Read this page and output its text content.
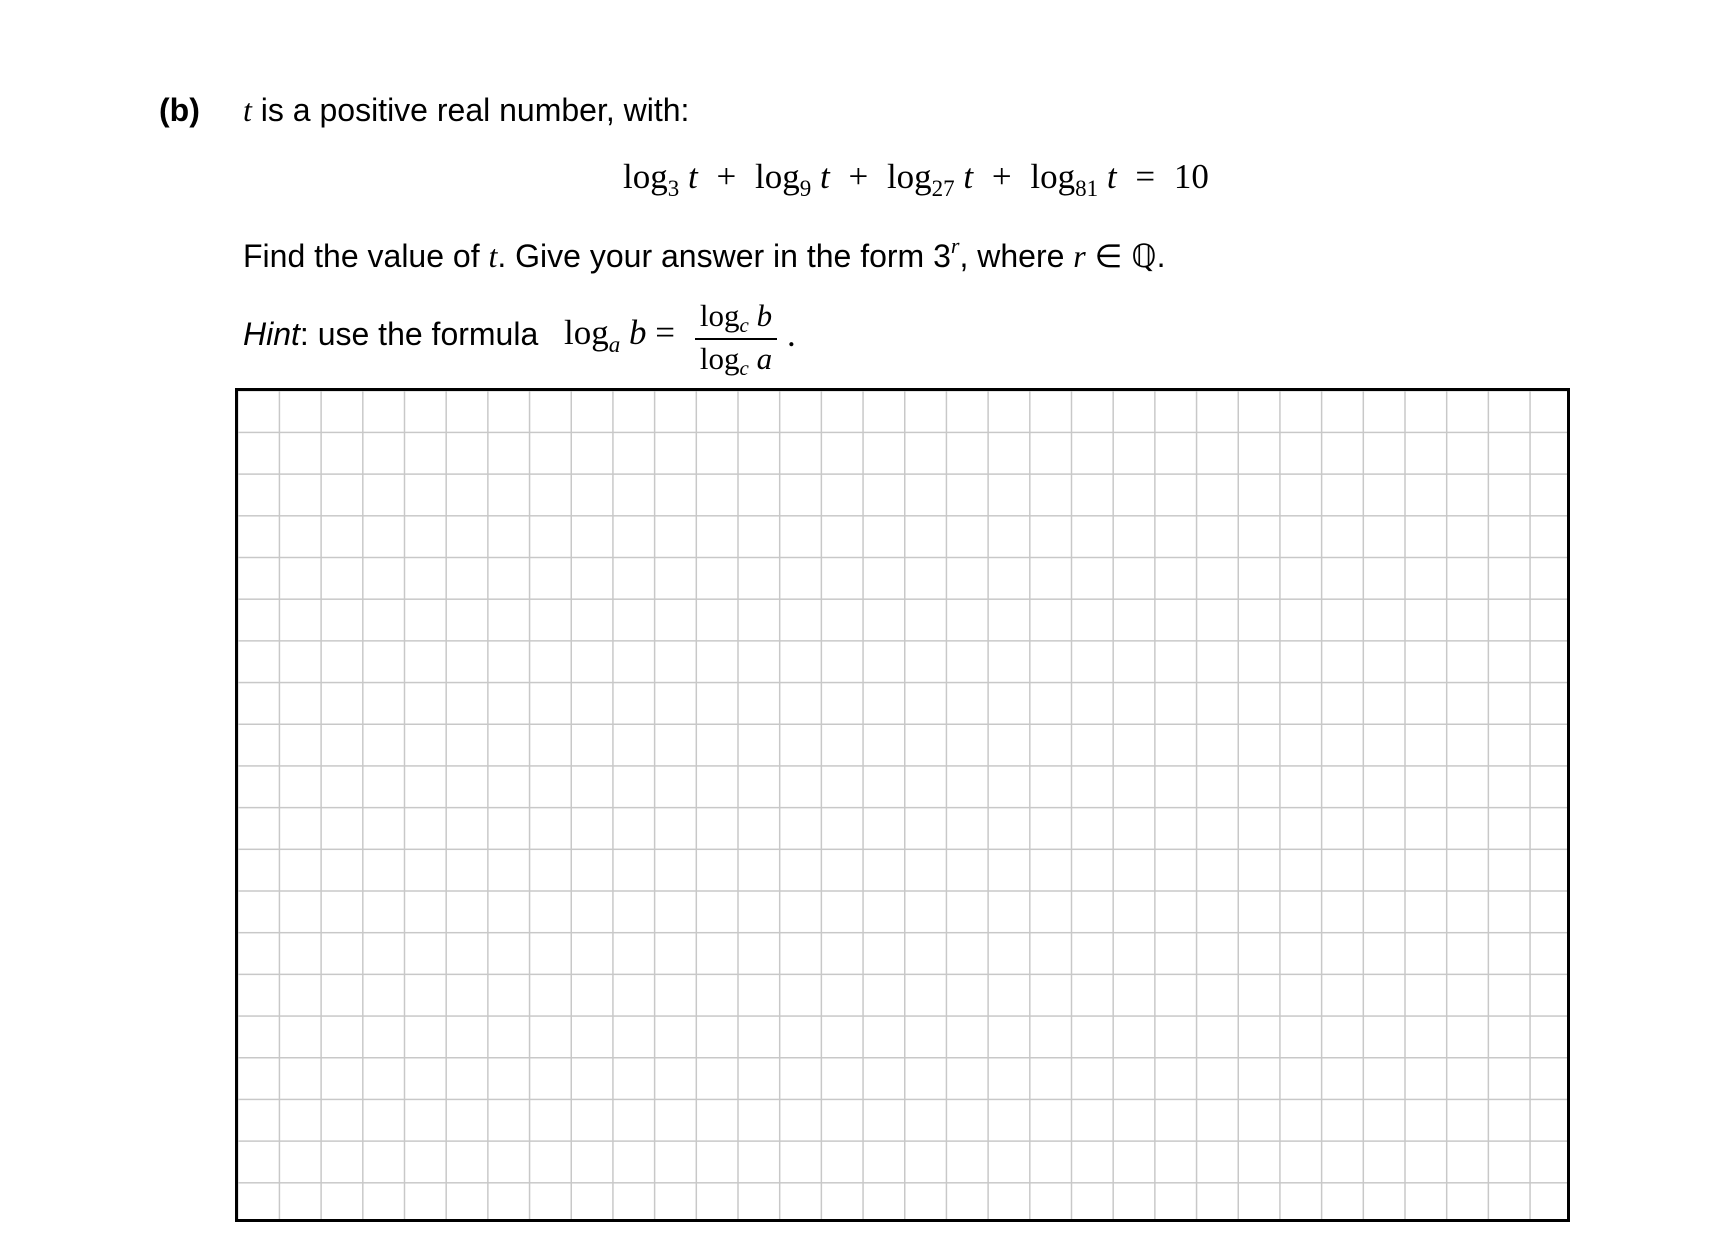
(b) t is a positive real number, with:
$\log_3 t + \log_9 t + \log_{27} t + \log_{81} t = 10$
Find the value of t. Give your answer in the form 3$^r$, where r ∈ ℚ.
Hint: use the formula $\log_a b = \log_c b$
$\log_c a$
.
